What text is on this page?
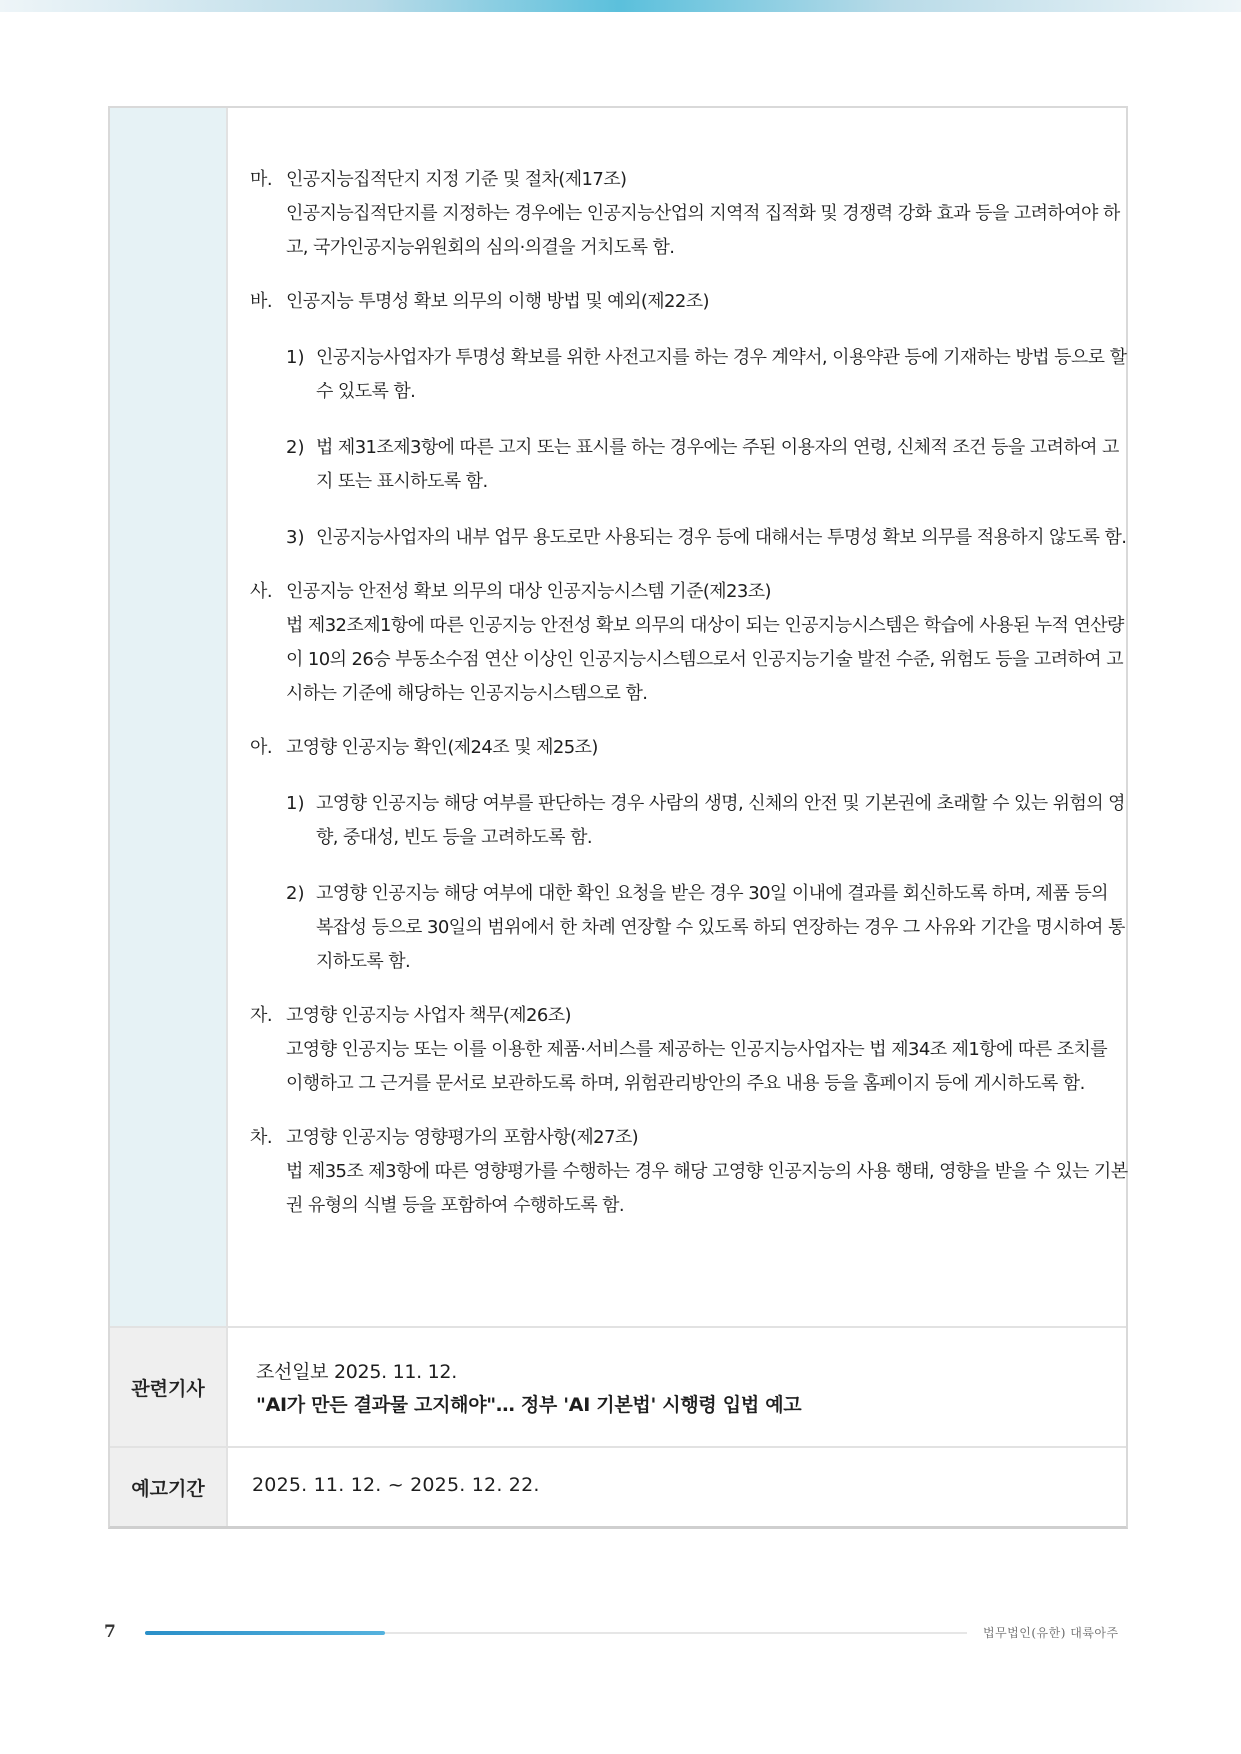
마. 인공지능집적단지 지정 기준 및 절차(제17조)
인공지능집적단지를 지정하는 경우에는 인공지능산업의 지역적 집적화 및 경쟁력 강화 효과 등을 고려하여야 하고, 국가인공지능위원회의 심의·의결을 거치도록 함.
바. 인공지능 투명성 확보 의무의 이행 방법 및 예외(제22조)
1) 인공지능사업자가 투명성 확보를 위한 사전고지를 하는 경우 계약서, 이용약관 등에 기재하는 방법 등으로 할 수 있도록 함.
2) 법 제31조제3항에 따른 고지 또는 표시를 하는 경우에는 주된 이용자의 연령, 신체적 조건 등을 고려하여 고지 또는 표시하도록 함.
3) 인공지능사업자의 내부 업무 용도로만 사용되는 경우 등에 대해서는 투명성 확보 의무를 적용하지 않도록 함.
사. 인공지능 안전성 확보 의무의 대상 인공지능시스템 기준(제23조)
법 제32조제1항에 따른 인공지능 안전성 확보 의무의 대상이 되는 인공지능시스템은 학습에 사용된 누적 연산량이 10의 26승 부동소수점 연산 이상인 인공지능시스템으로서 인공지능기술 발전 수준, 위험도 등을 고려하여 고시하는 기준에 해당하는 인공지능시스템으로 함.
아. 고영향 인공지능 확인(제24조 및 제25조)
1) 고영향 인공지능 해당 여부를 판단하는 경우 사람의 생명, 신체의 안전 및 기본권에 초래할 수 있는 위험의 영향, 중대성, 빈도 등을 고려하도록 함.
2) 고영향 인공지능 해당 여부에 대한 확인 요청을 받은 경우 30일 이내에 결과를 회신하도록 하며, 제품 등의 복잡성 등으로 30일의 범위에서 한 차례 연장할 수 있도록 하되 연장하는 경우 그 사유와 기간을 명시하여 통지하도록 함.
자. 고영향 인공지능 사업자 책무(제26조)
고영향 인공지능 또는 이를 이용한 제품·서비스를 제공하는 인공지능사업자는 법 제34조 제1항에 따른 조치를 이행하고 그 근거를 문서로 보관하도록 하며, 위험관리방안의 주요 내용 등을 홈페이지 등에 게시하도록 함.
차. 고영향 인공지능 영향평가의 포함사항(제27조)
법 제35조 제3항에 따른 영향평가를 수행하는 경우 해당 고영향 인공지능의 사용 행태, 영향을 받을 수 있는 기본권 유형의 식별 등을 포함하여 수행하도록 함.
관련기사
조선일보 2025. 11. 12.
"AI가 만든 결과물 고지해야"… 정부 'AI 기본법' 시행령 입법 예고
예고기간	2025. 11. 12. ~ 2025. 12. 22.
7	법무법인(유한) 대륙아주
